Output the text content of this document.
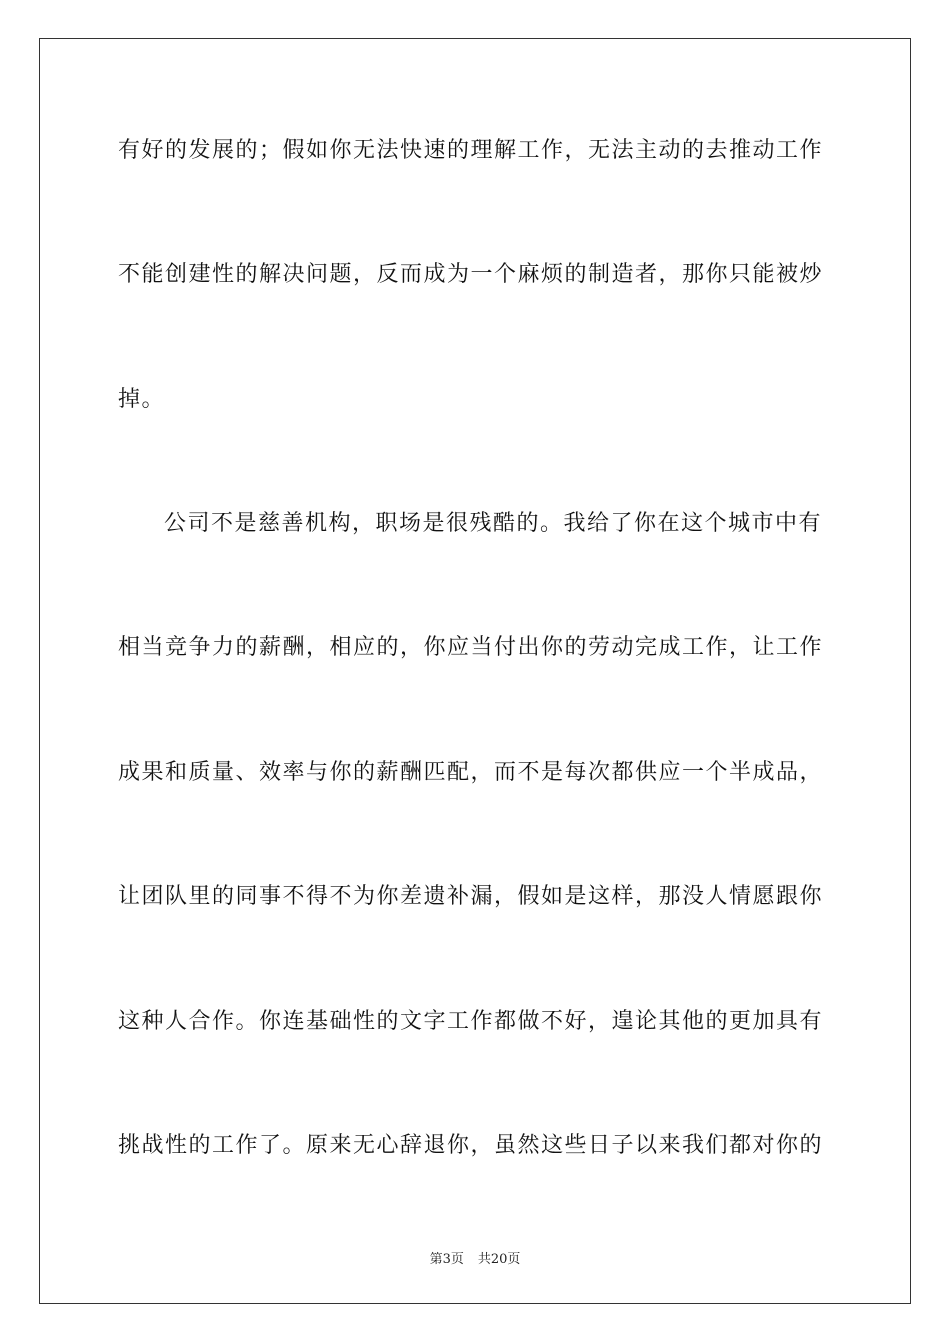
有好的发展的；假如你无法快速的理解工作，无法主动的去推动工作
不能创建性的解决问题，反而成为一个麻烦的制造者，那你只能被炒
掉。
公司不是慈善机构，职场是很残酷的。我给了你在这个城市中有
相当竞争力的薪酬，相应的，你应当付出你的劳动完成工作，让工作
成果和质量、效率与你的薪酬匹配，而不是每次都供应一个半成品，
让团队里的同事不得不为你差遗补漏，假如是这样，那没人情愿跟你
这种人合作。你连基础性的文字工作都做不好，遑论其他的更加具有
挑战性的工作了。原来无心辞退你，虽然这些日子以来我们都对你的
第3页 共20页
